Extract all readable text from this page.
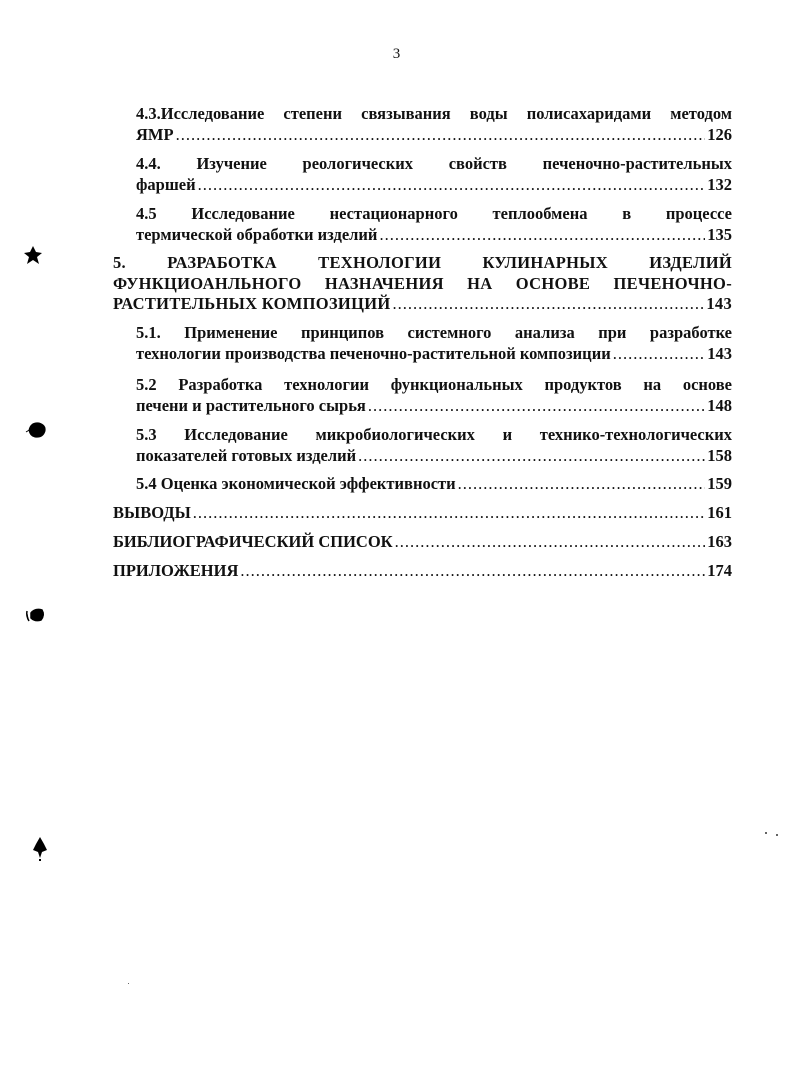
3
4.3.Исследование степени связывания воды полисахаридами методом
ЯМР .....	126
4.4. Изучение реологических свойств печеночно-растительных
фаршей .....	132
4.5 Исследование нестационарного теплообмена в процессе
термической обработки изделий .....	135
5. РАЗРАБОТКА ТЕХНОЛОГИИ КУЛИНАРНЫХ ИЗДЕЛИЙ
ФУНКЦИОАНЛЬНОГО НАЗНАЧЕНИЯ НА ОСНОВЕ ПЕЧЕНОЧНО-
РАСТИТЕЛЬНЫХ КОМПОЗИЦИЙ .....	143
5.1. Применение принципов системного анализа при разработке
технологии производства печеночно-растительной композиции .....	143
5.2 Разработка технологии функциональных продуктов на основе
печени и растительного сырья .....	148
5.3 Исследование микробиологических и технико-технологических
показателей готовых изделий .....	158
5.4 Оценка экономической эффективности .....	159
ВЫВОДЫ .....	161
БИБЛИОГРАФИЧЕСКИЙ СПИСОК .....	163
ПРИЛОЖЕНИЯ .....	174
